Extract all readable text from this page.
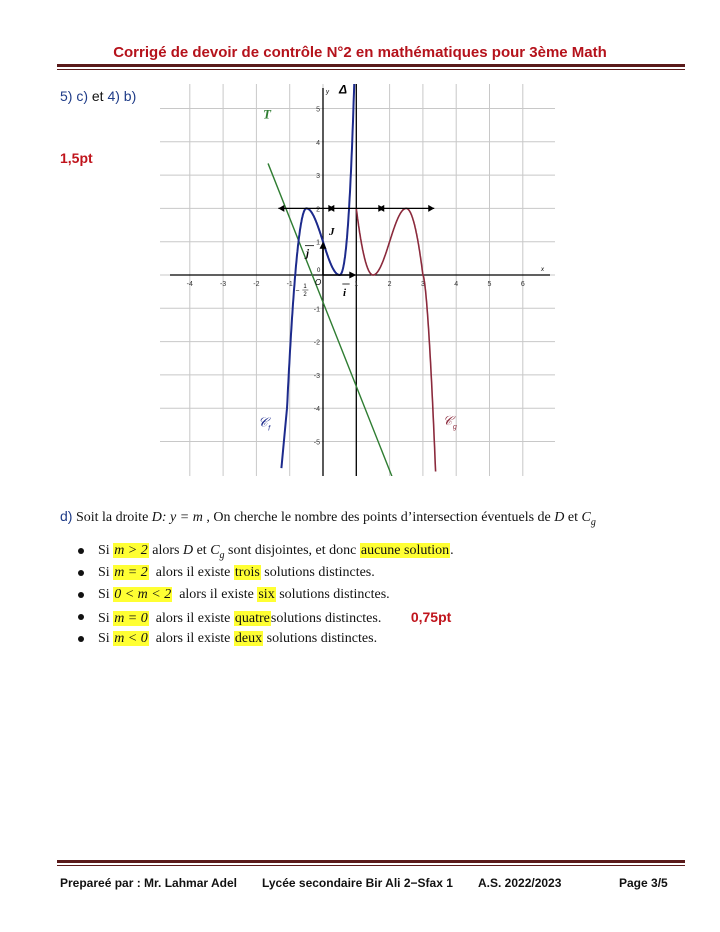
Corrigé de devoir de contrôle N°2 en mathématiques pour 3ème Math
5) c) et 4) b)
1,5pt
-4	-3	-2	-1	1	2	3	4	5	6
5
4
3
2
1
-1
-2
-3
-4
-5
T
Δ
y
x
J
j
i
O
0
−
1
2
𝒞 f
𝒞 g
d) Soit la droite D: y = m , On cherche le nombre des points d’intersection éventuels de D et $C_g$
Si m > 2 alors D et $C_g$ sont disjointes, et donc aucune solution.
Si m = 2 alors il existe trois solutions distinctes.
Si 0 < m < 2 alors il existe six solutions distinctes.
Si m = 0 alors il existe quatresolutions distinctes. 0,75pt
Si m < 0 alors il existe deux solutions distinctes.
Prepareé par : Mr. Lahmar Adel Lycée secondaire Bir Ali 2−Sfax 1 A.S. 2022/2023	Page 3/5
